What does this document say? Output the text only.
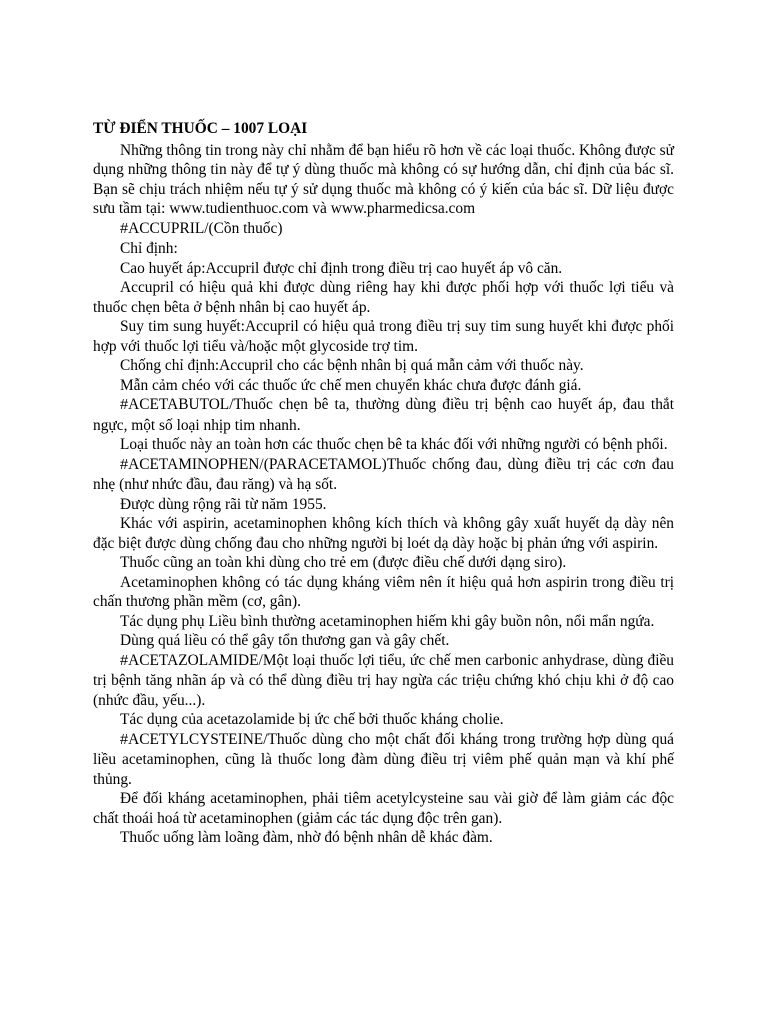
TỪ ĐIỂN THUỐC – 1007 LOẠI
Những thông tin trong này chỉ nhằm để bạn hiểu rõ hơn về các loại thuốc. Không được sử dụng những thông tin này để tự ý dùng thuốc mà không có sự hướng dẫn, chỉ định của bác sĩ. Bạn sẽ chịu trách nhiệm nếu tự ý sử dụng thuốc mà không có ý kiến của bác sĩ. Dữ liệu được sưu tầm tại: www.tudienthuoc.com và www.pharmedicsa.com
#ACCUPRIL/(Cồn thuốc)
Chỉ định:
Cao huyết áp:Accupril được chỉ định trong điều trị cao huyết áp vô căn.
Accupril có hiệu quả khi được dùng riêng hay khi được phối hợp với thuốc lợi tiểu và thuốc chẹn bêta ở bệnh nhân bị cao huyết áp.
Suy tim sung huyết:Accupril có hiệu quả trong điều trị suy tim sung huyết khi được phối hợp với thuốc lợi tiểu và/hoặc một glycoside trợ tim.
Chống chỉ định:Accupril cho các bệnh nhân bị quá mẫn cảm với thuốc này.
Mẫn cảm chéo với các thuốc ức chế men chuyển khác chưa được đánh giá.
#ACETABUTOL/Thuốc chẹn bê ta, thường dùng điều trị bệnh cao huyết áp, đau thắt ngực, một số loại nhịp tim nhanh.
Loại thuốc này an toàn hơn các thuốc chẹn bê ta khác đối với những người có bệnh phổi.
#ACETAMINOPHEN/(PARACETAMOL)Thuốc chống đau, dùng điều trị các cơn đau nhẹ (như nhức đầu, đau răng) và hạ sốt.
Được dùng rộng rãi từ năm 1955.
Khác với aspirin, acetaminophen không kích thích và không gây xuất huyết dạ dày nên đặc biệt được dùng chống đau cho những người bị loét dạ dày hoặc bị phản ứng với aspirin.
Thuốc cũng an toàn khi dùng cho trẻ em (được điều chế dưới dạng siro).
Acetaminophen không có tác dụng kháng viêm nên ít hiệu quả hơn aspirin trong điều trị chấn thương phần mềm (cơ, gân).
Tác dụng phụ Liều bình thường acetaminophen hiếm khi gây buồn nôn, nổi mẩn ngứa.
Dùng quá liều có thể gây tổn thương gan và gây chết.
#ACETAZOLAMIDE/Một loại thuốc lợi tiểu, ức chế men carbonic anhydrase, dùng điều trị bệnh tăng nhãn áp và có thể dùng điều trị hay ngừa các triệu chứng khó chịu khi ở độ cao (nhức đầu, yếu...).
Tác dụng của acetazolamide bị ức chế bởi thuốc kháng cholie.
#ACETYLCYSTEINE/Thuốc dùng cho một chất đối kháng trong trường hợp dùng quá liều acetaminophen, cũng là thuốc long đàm dùng điều trị viêm phế quản mạn và khí phế thủng.
Để đối kháng acetaminophen, phải tiêm acetylcysteine sau vài giờ để làm giảm các độc chất thoái hoá từ acetaminophen (giảm các tác dụng độc trên gan).
Thuốc uống làm loãng đàm, nhờ đó bệnh nhân dễ khác đàm.
